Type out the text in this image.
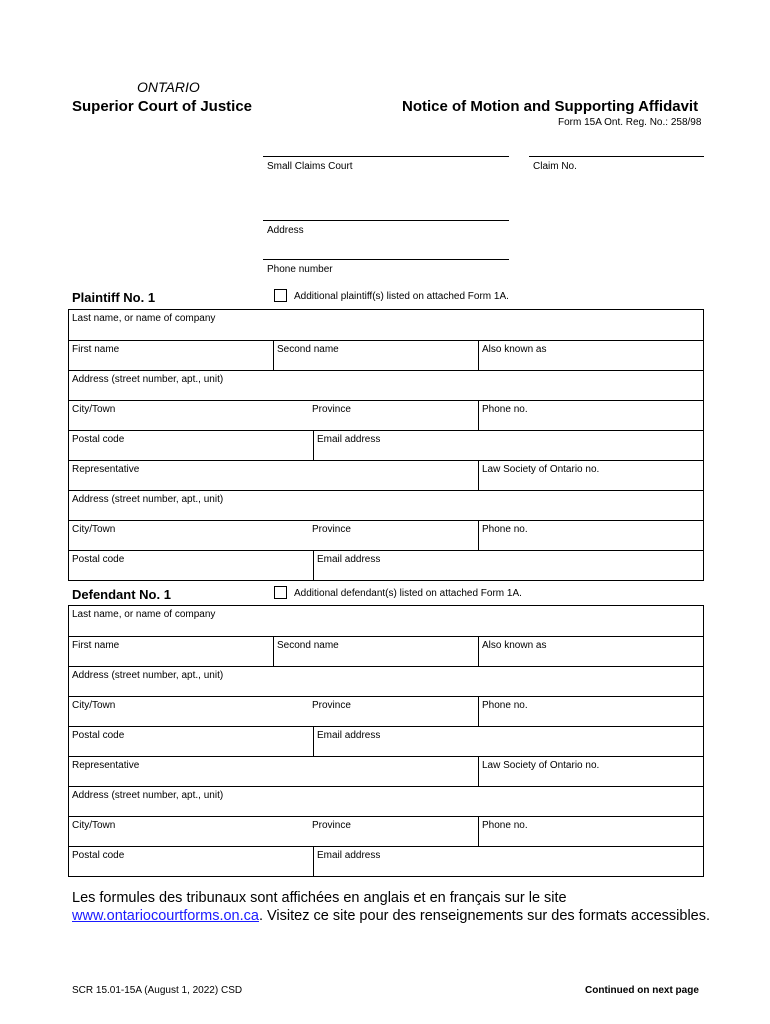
ONTARIO
Superior Court of Justice	Notice of Motion and Supporting Affidavit
Form 15A Ont. Reg. No.: 258/98
Small Claims Court	Claim No.
Address
Phone number
Plaintiff No. 1	Additional plaintiff(s) listed on attached Form 1A.
Last name, or name of company
First name	Second name	Also known as
Address (street number, apt., unit)
City/Town	Province	Phone no.
Postal code	Email address
Representative	Law Society of Ontario no.
Address (street number, apt., unit)
City/Town	Province	Phone no.
Postal code	Email address
Defendant No. 1	Additional defendant(s) listed on attached Form 1A.
Last name, or name of company
First name	Second name	Also known as
Address (street number, apt., unit)
City/Town	Province	Phone no.
Postal code	Email address
Representative	Law Society of Ontario no.
Address (street number, apt., unit)
City/Town	Province	Phone no.
Postal code	Email address
Les formules des tribunaux sont affichées en anglais et en français sur le site
www.ontariocourtforms.on.ca. Visitez ce site pour des renseignements sur des formats accessibles.
SCR 15.01-15A (August 1, 2022) CSD	Continued on next page
